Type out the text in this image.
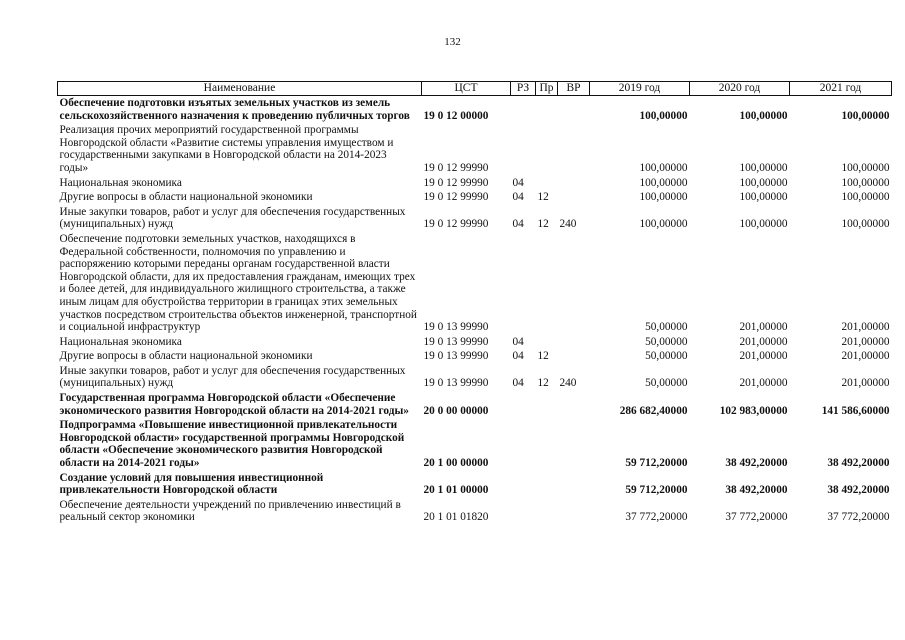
132
Наименование	ЦСТ	РЗ	Пр	ВР	2019 год	2020 год	2021 год
Обеспечение подготовки изъятых земельных участков из земель сельскохозяйственного назначения к проведению публичных торгов	19 0 12 00000				100,00000	100,00000	100,00000
Реализация прочих мероприятий государственной программы Новгородской области «Развитие системы управления имуществом и государственными закупками в Новгородской области на 2014-2023 годы»	19 0 12 99990				100,00000	100,00000	100,00000
Национальная экономика	19 0 12 99990	04			100,00000	100,00000	100,00000
Другие вопросы в области национальной экономики	19 0 12 99990	04	12		100,00000	100,00000	100,00000
Иные закупки товаров, работ и услуг для обеспечения государственных (муниципальных) нужд	19 0 12 99990	04	12	240	100,00000	100,00000	100,00000
Обеспечение подготовки земельных участков, находящихся в Федеральной собственности, полномочия по управлению и распоряжению которыми переданы органам государственной власти Новгородской области, для их предоставления гражданам, имеющих трех и более детей, для индивидуального жилищного строительства, а также иным лицам для обустройства территории в границах этих земельных участков посредством строительства объектов инженерной, транспортной и социальной инфраструктур	19 0 13 99990				50,00000	201,00000	201,00000
Национальная экономика	19 0 13 99990	04			50,00000	201,00000	201,00000
Другие вопросы в области национальной экономики	19 0 13 99990	04	12		50,00000	201,00000	201,00000
Иные закупки товаров, работ и услуг для обеспечения государственных (муниципальных) нужд	19 0 13 99990	04	12	240	50,00000	201,00000	201,00000
Государственная программа Новгородской области «Обеспечение экономического развития Новгородской области на 2014-2021 годы»	20 0 00 00000				286 682,40000	102 983,00000	141 586,60000
Подпрограмма «Повышение инвестиционной привлекательности Новгородской области» государственной программы Новгородской области «Обеспечение экономического развития Новгородской области на 2014-2021 годы»	20 1 00 00000				59 712,20000	38 492,20000	38 492,20000
Создание условий для повышения инвестиционной привлекательности Новгородской области	20 1 01 00000				59 712,20000	38 492,20000	38 492,20000
Обеспечение деятельности учреждений по привлечению инвестиций в реальный сектор экономики	20 1 01 01820				37 772,20000	37 772,20000	37 772,20000
